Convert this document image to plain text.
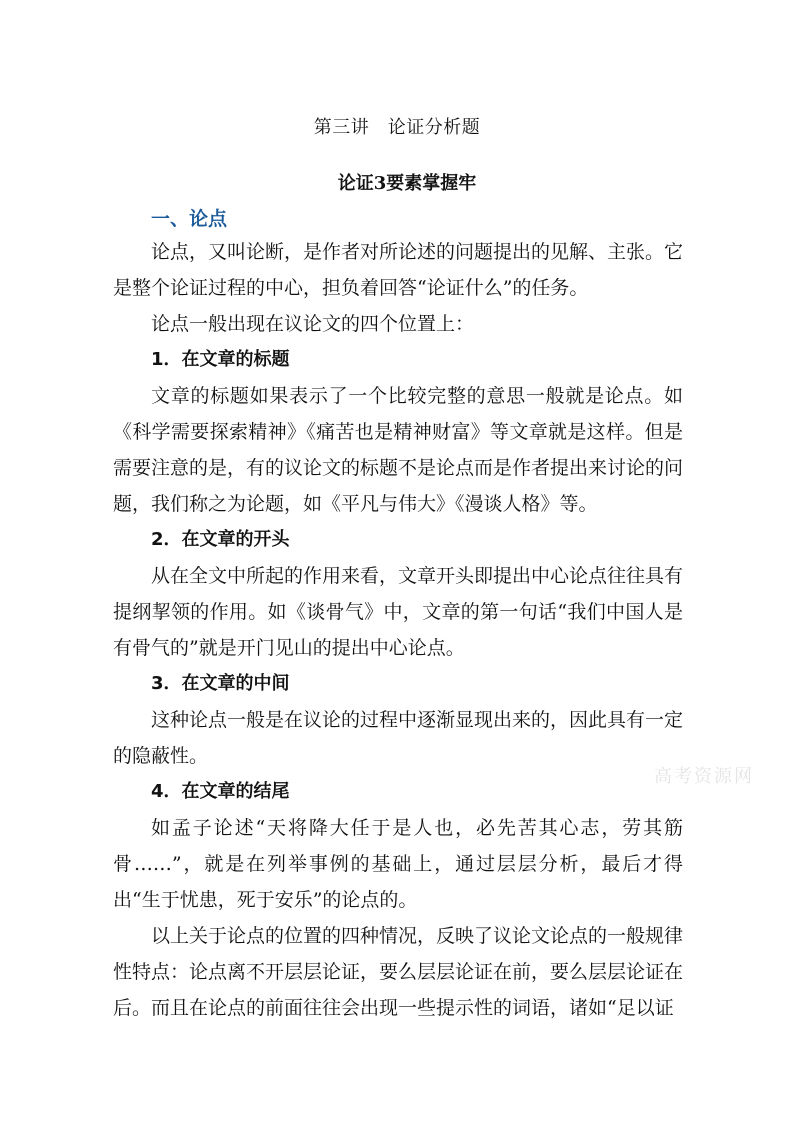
第三讲　论证分析题
论证3要素掌握牢
一、论点

论点，又叫论断，是作者对所论述的问题提出的见解、主张。它是整个论证过程的中心，担负着回答“论证什么”的任务。

论点一般出现在议论文的四个位置上：

1．在文章的标题

文章的标题如果表示了一个比较完整的意思一般就是论点。如《科学需要探索精神》《痛苦也是精神财富》等文章就是这样。但是需要注意的是，有的议论文的标题不是论点而是作者提出来讨论的问题，我们称之为论题，如《平凡与伟大》《漫谈人格》等。

2．在文章的开头

从在全文中所起的作用来看，文章开头即提出中心论点往往具有提纲挈领的作用。如《谈骨气》中，文章的第一句话“我们中国人是有骨气的”就是开门见山的提出中心论点。

3．在文章的中间

这种论点一般是在议论的过程中逐渐显现出来的，因此具有一定的隐蔽性。

4．在文章的结尾

如孟子论述“天将降大任于是人也，必先苦其心志，劳其筋骨……”，就是在列举事例的基础上，通过层层分析，最后才得出“生于忧患，死于安乐”的论点的。

以上关于论点的位置的四种情况，反映了议论文论点的一般规律性特点：论点离不开层层论证，要么层层论证在前，要么层层论证在后。而且在论点的前面往往会出现一些提示性的词语，诸如“足以证

高考资源网
